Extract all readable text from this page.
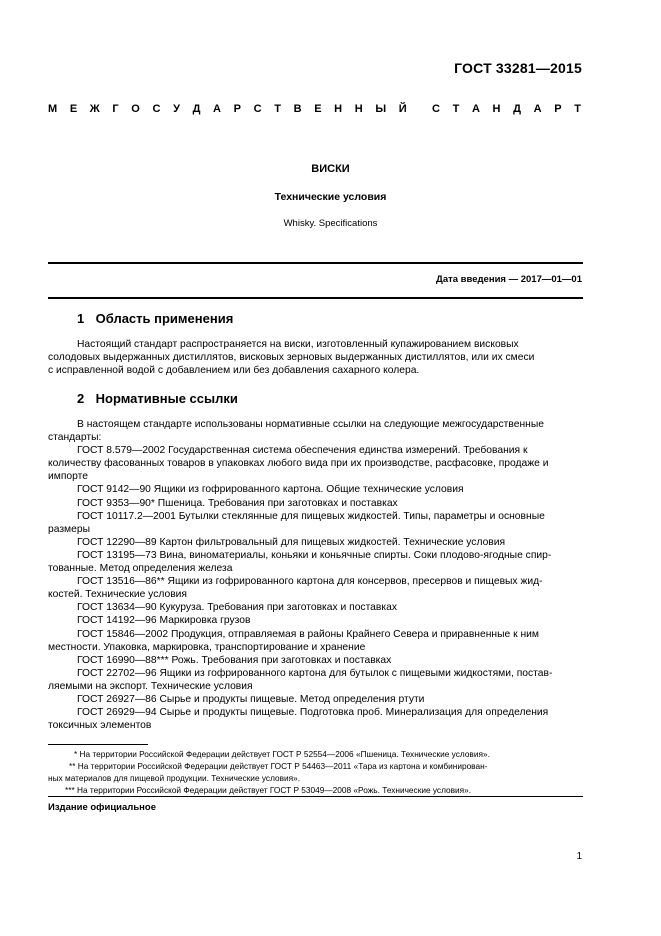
ГОСТ 33281—2015
М Е Ж Г О С У Д А Р С Т В Е Н Н Ы Й С Т А Н Д А Р Т
ВИСКИ
Технические условия
Whisky. Specifications
Дата введения — 2017—01—01
1 Область применения
Настоящий стандарт распространяется на виски, изготовленный купажированием висковых
солодовых выдержанных дистиллятов, висковых зерновых выдержанных дистиллятов, или их смеси
с исправленной водой с добавлением или без добавления сахарного колера.
2 Нормативные ссылки
В настоящем стандарте использованы нормативные ссылки на следующие межгосударственные
стандарты:
ГОСТ 8.579—2002 Государственная система обеспечения единства измерений. Требования к
количеству фасованных товаров в упаковках любого вида при их производстве, расфасовке, продаже и
импорте
ГОСТ 9142—90 Ящики из гофрированного картона. Общие технические условия
ГОСТ 9353—90* Пшеница. Требования при заготовках и поставках
ГОСТ 10117.2—2001 Бутылки стеклянные для пищевых жидкостей. Типы, параметры и основные
размеры
ГОСТ 12290—89 Картон фильтровальный для пищевых жидкостей. Технические условия
ГОСТ 13195—73 Вина, виноматериалы, коньяки и коньячные спирты. Соки плодово-ягодные спир-
тованные. Метод определения железа
ГОСТ 13516—86** Ящики из гофрированного картона для консервов, пресервов и пищевых жид-
костей. Технические условия
ГОСТ 13634—90 Кукуруза. Требования при заготовках и поставках
ГОСТ 14192—96 Маркировка грузов
ГОСТ 15846—2002 Продукция, отправляемая в районы Крайнего Севера и приравненные к ним
местности. Упаковка, маркировка, транспортирование и хранение
ГОСТ 16990—88*** Рожь. Требования при заготовках и поставках
ГОСТ 22702—96 Ящики из гофрированного картона для бутылок с пищевыми жидкостями, постав-
ляемыми на экспорт. Технические условия
ГОСТ 26927—86 Сырье и продукты пищевые. Метод определения ртути
ГОСТ 26929—94 Сырье и продукты пищевые. Подготовка проб. Минерализация для определения
токсичных элементов
* На территории Российской Федерации действует ГОСТ Р 52554—2006 «Пшеница. Технические условия».
** На территории Российской Федерации действует ГОСТ Р 54463—2011 «Тара из картона и комбинирован-
ных материалов для пищевой продукции. Технические условия».
*** На территории Российской Федерации действует ГОСТ Р 53049—2008 «Рожь. Технические условия».
Издание официальное
1
